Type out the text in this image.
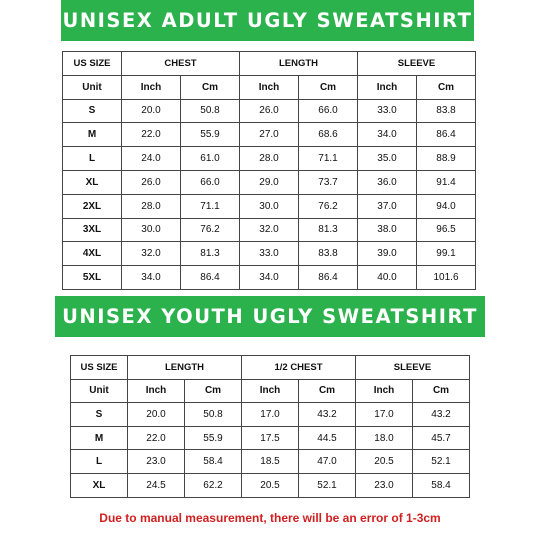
UNISEX ADULT UGLY SWEATSHIRT
US SIZE	CHEST		LENGTH		SLEEVE	
Unit	Inch	Cm	Inch	Cm	Inch	Cm
S	20.0	50.8	26.0	66.0	33.0	83.8
M	22.0	55.9	27.0	68.6	34.0	86.4
L	24.0	61.0	28.0	71.1	35.0	88.9
XL	26.0	66.0	29.0	73.7	36.0	91.4
2XL	28.0	71.1	30.0	76.2	37.0	94.0
3XL	30.0	76.2	32.0	81.3	38.0	96.5
4XL	32.0	81.3	33.0	83.8	39.0	99.1
5XL	34.0	86.4	34.0	86.4	40.0	101.6
UNISEX YOUTH UGLY SWEATSHIRT
US SIZE	LENGTH		1/2 CHEST		SLEEVE	
Unit	Inch	Cm	Inch	Cm	Inch	Cm
S	20.0	50.8	17.0	43.2	17.0	43.2
M	22.0	55.9	17.5	44.5	18.0	45.7
L	23.0	58.4	18.5	47.0	20.5	52.1
XL	24.5	62.2	20.5	52.1	23.0	58.4
Due to manual measurement, there will be an error of 1-3cm
